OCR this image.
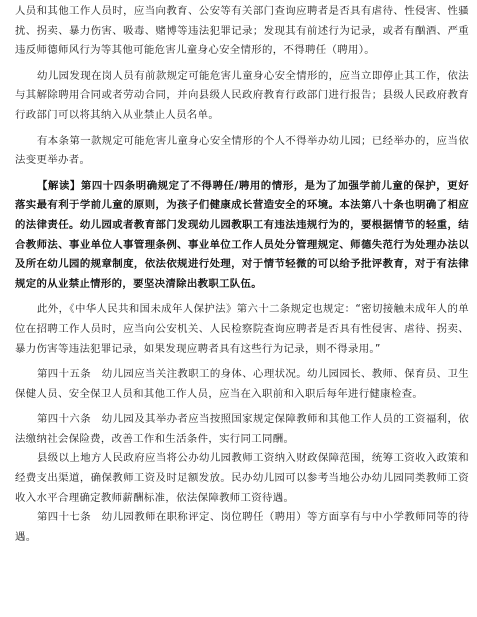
人员和其他工作人员时，应当向教育、公安等有关部门查询应聘者是否具有虐待、性侵害、性骚扰、拐卖、暴力伤害、吸毒、赌博等违法犯罪记录；发现其有前述行为记录，或者有酗酒、严重违反师德师风行为等其他可能危害儿童身心安全情形的，不得聘任（聘用）。

幼儿园发现在岗人员有前款规定可能危害儿童身心安全情形的，应当立即停止其工作，依法与其解除聘用合同或者劳动合同，并向县级人民政府教育行政部门进行报告；县级人民政府教育行政部门可以将其纳入从业禁止人员名单。

有本条第一款规定可能危害儿童身心安全情形的个人不得举办幼儿园；已经举办的，应当依法变更举办者。

【解读】第四十四条明确规定了不得聘任/聘用的情形，是为了加强学前儿童的保护，更好落实最有利于学前儿童的原则，为孩子们健康成长营造安全的环境。本法第八十条也明确了相应的法律责任。幼儿园或者教育部门发现幼儿园教职工有违法违规行为的，要根据情节的轻重，结合教师法、事业单位人事管理条例、事业单位工作人员处分管理规定、师德失范行为处理办法以及所在幼儿园的规章制度，依法依规进行处理，对于情节轻微的可以给予批评教育，对于有法律规定的从业禁止情形的，要坚决清除出教职工队伍。

此外，《中华人民共和国未成年人保护法》第六十二条规定也规定：“密切接触未成年人的单位在招聘工作人员时，应当向公安机关、人民检察院查询应聘者是否具有性侵害、虐待、拐卖、暴力伤害等违法犯罪记录，如果发现应聘者具有这些行为记录，则不得录用。”

第四十五条　幼儿园应当关注教职工的身体、心理状况。幼儿园园长、教师、保育员、卫生保健人员、安全保卫人员和其他工作人员，应当在入职前和入职后每年进行健康检查。

第四十六条　幼儿园及其举办者应当按照国家规定保障教师和其他工作人员的工资福利，依法缴纳社会保险费，改善工作和生活条件，实行同工同酬。

县级以上地方人民政府应当将公办幼儿园教师工资纳入财政保障范围，统筹工资收入政策和经费支出渠道，确保教师工资及时足额发放。民办幼儿园可以参考当地公办幼儿园同类教师工资收入水平合理确定教师薪酬标准，依法保障教师工资待遇。

第四十七条　幼儿园教师在职称评定、岗位聘任（聘用）等方面享有与中小学教师同等的待遇。
